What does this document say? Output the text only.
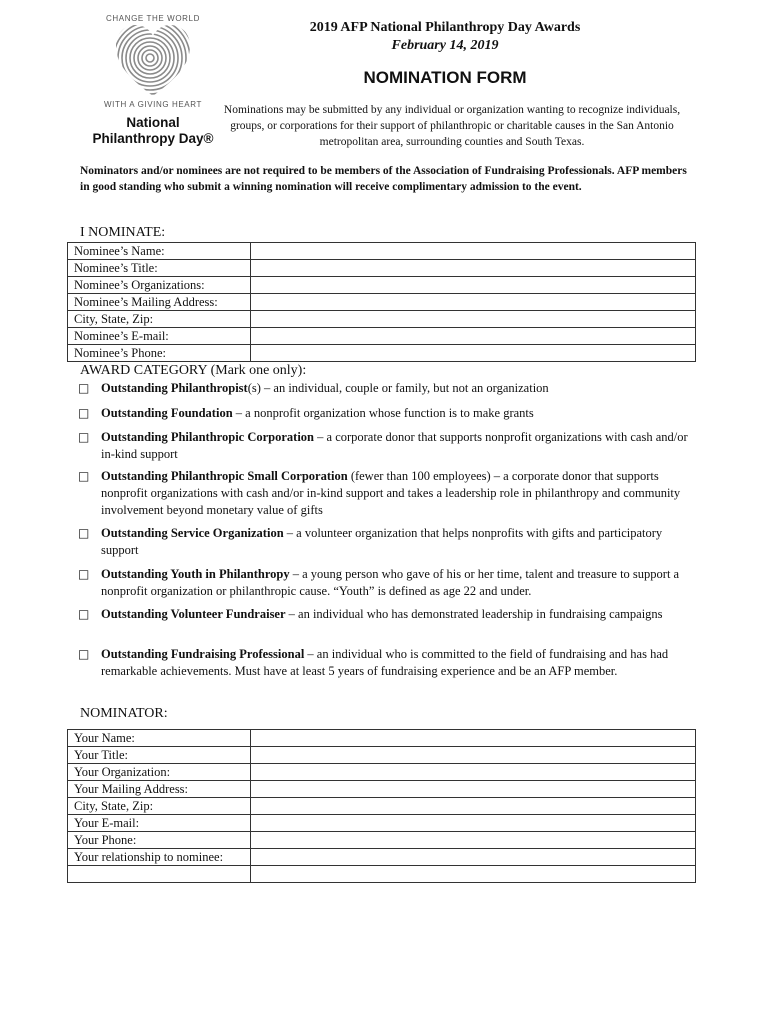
CHANGE THE WORLD
WITH A GIVING HEART
National
Philanthropy Day®
2019 AFP National Philanthropy Day Awards
February 14, 2019
NOMINATION FORM
Nominations may be submitted by any individual or organization wanting to recognize individuals, groups, or corporations for their support of philanthropic or charitable causes in the San Antonio metropolitan area, surrounding counties and South Texas.
Nominators and/or nominees are not required to be members of the Association of Fundraising Professionals. AFP members in good standing who submit a winning nomination will receive complimentary admission to the event.
I NOMINATE:
Nominee’s Name:	
Nominee’s Title:	
Nominee’s Organizations:	
Nominee’s Mailing Address:	
City, State, Zip:	
Nominee’s E-mail:	
Nominee’s Phone:	
AWARD CATEGORY (Mark one only):
□ Outstanding Philanthropist(s) – an individual, couple or family, but not an organization
□ Outstanding Foundation – a nonprofit organization whose function is to make grants
□ Outstanding Philanthropic Corporation – a corporate donor that supports nonprofit organizations with cash and/or in-kind support
□ Outstanding Philanthropic Small Corporation (fewer than 100 employees) – a corporate donor that supports nonprofit organizations with cash and/or in-kind support and takes a leadership role in philanthropy and community involvement beyond monetary value of gifts
□ Outstanding Service Organization – a volunteer organization that helps nonprofits with gifts and participatory support
□ Outstanding Youth in Philanthropy – a young person who gave of his or her time, talent and treasure to support a nonprofit organization or philanthropic cause. “Youth” is defined as age 22 and under.
□ Outstanding Volunteer Fundraiser – an individual who has demonstrated leadership in fundraising campaigns
□ Outstanding Fundraising Professional – an individual who is committed to the field of fundraising and has had remarkable achievements. Must have at least 5 years of fundraising experience and be an AFP member.
NOMINATOR:
Your Name:	
Your Title:	
Your Organization:	
Your Mailing Address:	
City, State, Zip:	
Your E-mail:	
Your Phone:	
Your relationship to nominee:	
